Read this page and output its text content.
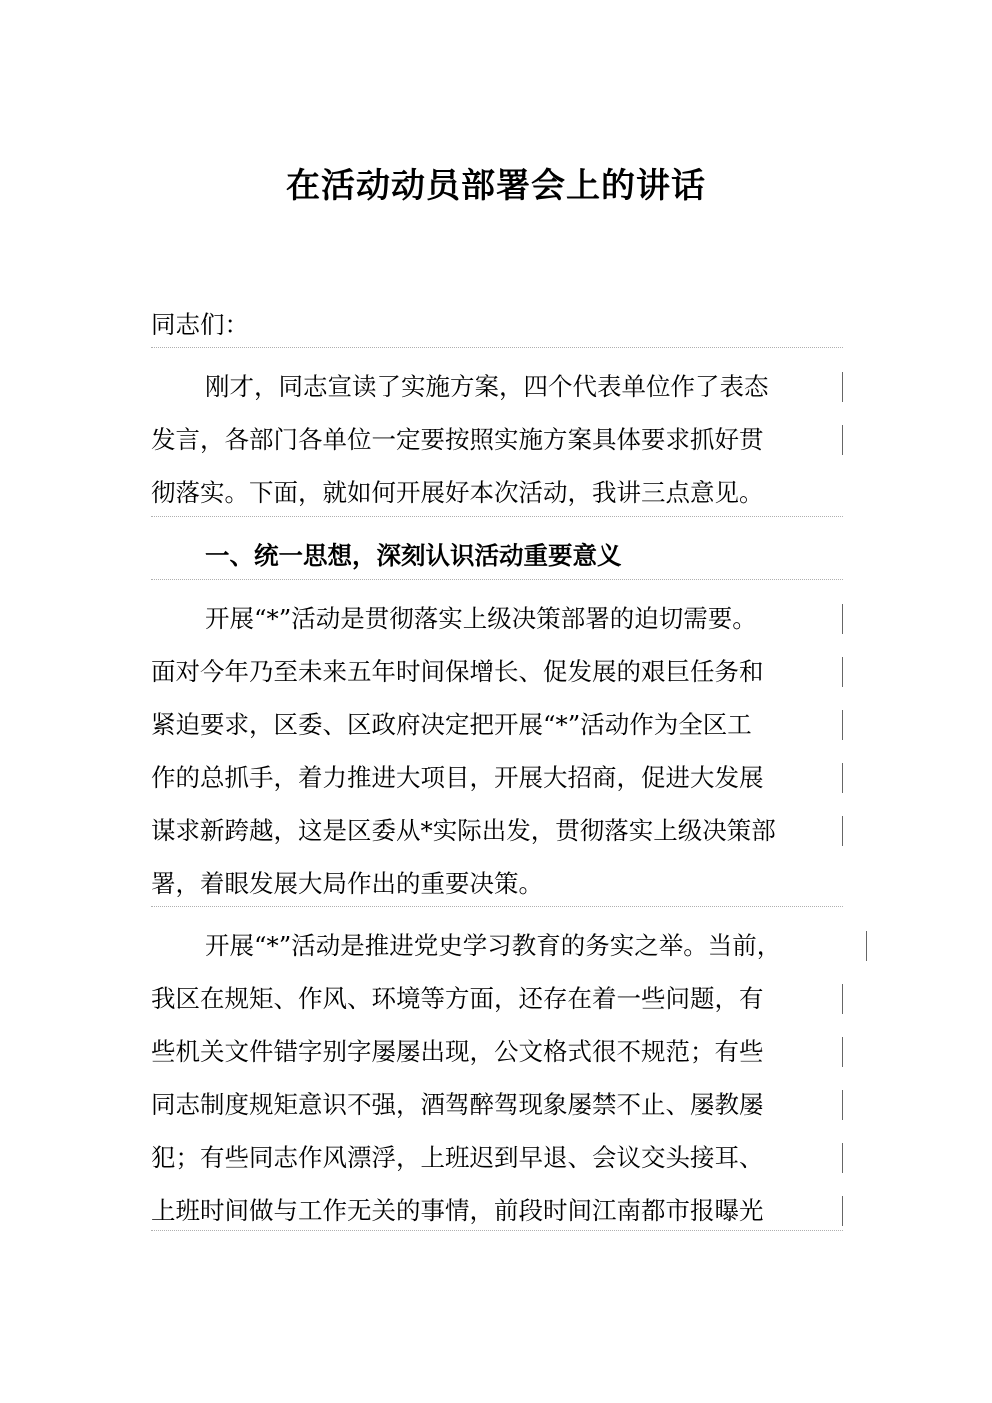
在活动动员部署会上的讲话
同志们：
刚才，同志宣读了实施方案，四个代表单位作了表态
发言，各部门各单位一定要按照实施方案具体要求抓好贯
彻落实。下面，就如何开展好本次活动，我讲三点意见。
一、统一思想，深刻认识活动重要意义
开展“*”活动是贯彻落实上级决策部署的迫切需要。
面对今年乃至未来五年时间保增长、促发展的艰巨任务和
紧迫要求，区委、区政府决定把开展“*”活动作为全区工
作的总抓手，着力推进大项目，开展大招商，促进大发展
谋求新跨越，这是区委从*实际出发，贯彻落实上级决策部
署，着眼发展大局作出的重要决策。
开展“*”活动是推进党史学习教育的务实之举。当前，
我区在规矩、作风、环境等方面，还存在着一些问题，有
些机关文件错字别字屡屡出现，公文格式很不规范；有些
同志制度规矩意识不强，酒驾醉驾现象屡禁不止、屡教屡
犯；有些同志作风漂浮，上班迟到早退、会议交头接耳、
上班时间做与工作无关的事情，前段时间江南都市报曝光
